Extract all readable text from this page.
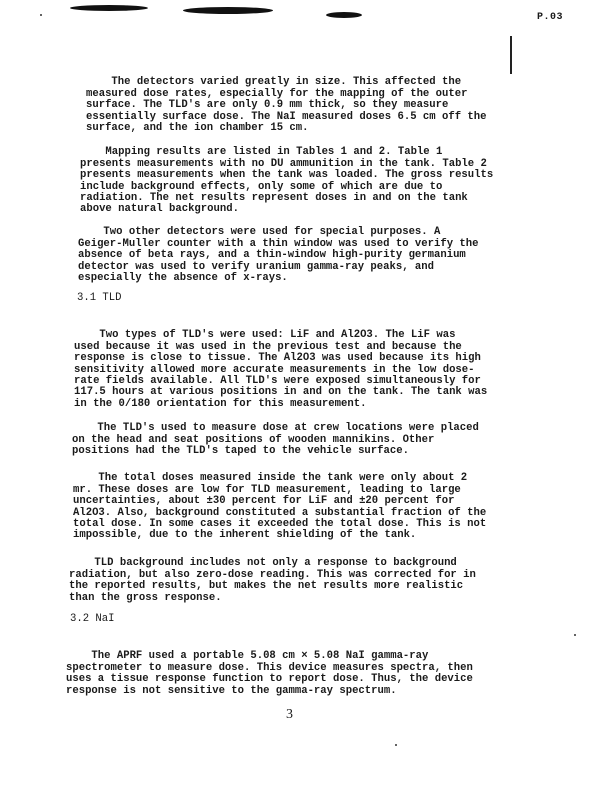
P.03

The detectors varied greatly in size. This affected the
measured dose rates, especially for the mapping of the outer
surface. The TLD's are only 0.9 mm thick, so they measure
essentially surface dose. The NaI measured doses 6.5 cm off the
surface, and the ion chamber 15 cm.

Mapping results are listed in Tables 1 and 2. Table 1
presents measurements with no DU ammunition in the tank. Table 2
presents measurements when the tank was loaded. The gross results
include background effects, only some of which are due to
radiation. The net results represent doses in and on the tank
above natural background.

Two other detectors were used for special purposes. A
Geiger-Muller counter with a thin window was used to verify the
absence of beta rays, and a thin-window high-purity germanium
detector was used to verify uranium gamma-ray peaks, and
especially the absence of x-rays.

3.1 TLD

Two types of TLD's were used: LiF and Al2O3. The LiF was
used because it was used in the previous test and because the
response is close to tissue. The Al2O3 was used because its high
sensitivity allowed more accurate measurements in the low dose-
rate fields available. All TLD's were exposed simultaneously for
117.5 hours at various positions in and on the tank. The tank was
in the 0/180 orientation for this measurement.

The TLD's used to measure dose at crew locations were placed
on the head and seat positions of wooden mannikins. Other
positions had the TLD's taped to the vehicle surface.

The total doses measured inside the tank were only about 2
mr. These doses are low for TLD measurement, leading to large
uncertainties, about ±30 percent for LiF and ±20 percent for
Al2O3. Also, background constituted a substantial fraction of the
total dose. In some cases it exceeded the total dose. This is not
impossible, due to the inherent shielding of the tank.

TLD background includes not only a response to background
radiation, but also zero-dose reading. This was corrected for in
the reported results, but makes the net results more realistic
than the gross response.

3.2 NaI

The APRF used a portable 5.08 cm × 5.08 NaI gamma-ray
spectrometer to measure dose. This device measures spectra, then
uses a tissue response function to report dose. Thus, the device
response is not sensitive to the gamma-ray spectrum.

3
